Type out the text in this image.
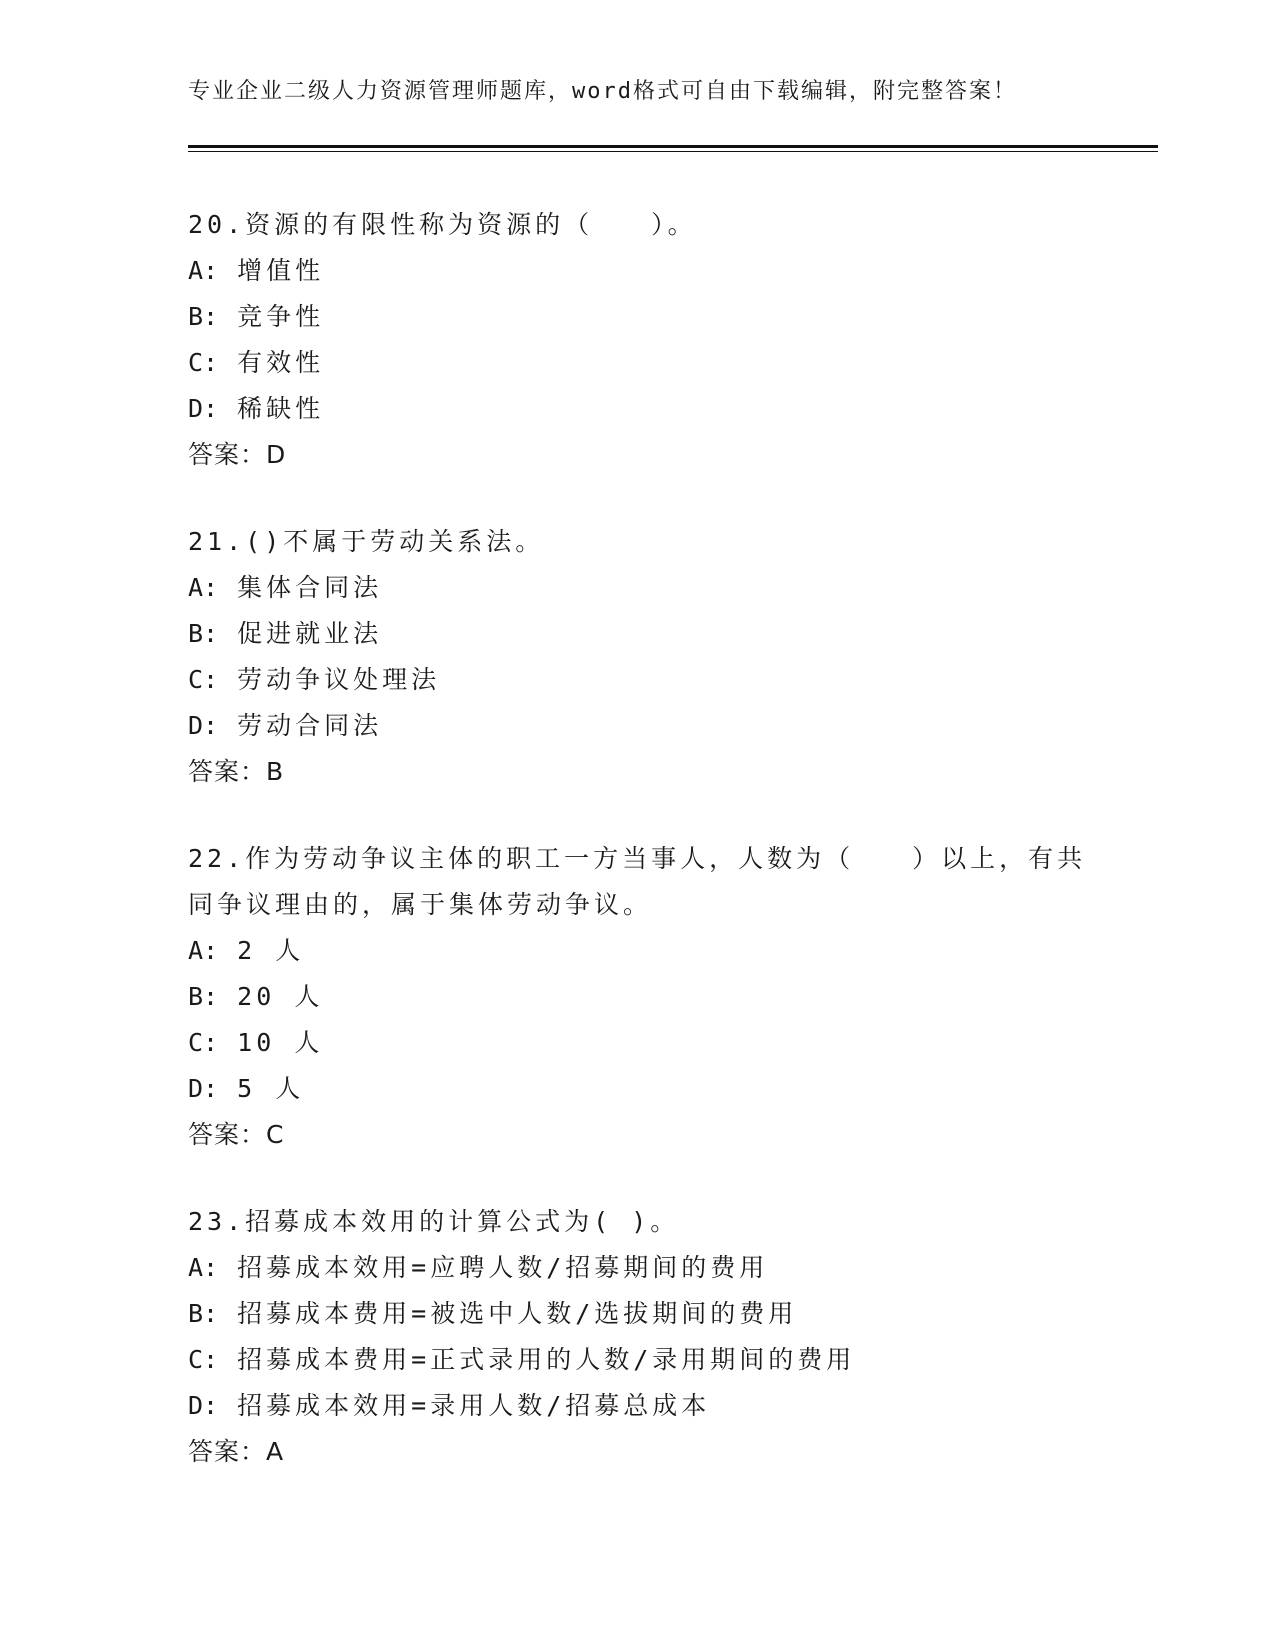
专业企业二级人力资源管理师题库，word格式可自由下载编辑，附完整答案！
20.资源的有限性称为资源的（　　）。
A: 增值性
B: 竞争性
C: 有效性
D: 稀缺性
答案：D
21.()不属于劳动关系法。
A: 集体合同法
B: 促进就业法
C: 劳动争议处理法
D: 劳动合同法
答案：B
22.作为劳动争议主体的职工一方当事人，人数为（　　）以上，有共
同争议理由的，属于集体劳动争议。
A: 2 人
B: 20 人
C: 10 人
D: 5 人
答案：C
23.招募成本效用的计算公式为( )。
A: 招募成本效用=应聘人数/招募期间的费用
B: 招募成本费用=被选中人数/选拔期间的费用
C: 招募成本费用=正式录用的人数/录用期间的费用
D: 招募成本效用=录用人数/招募总成本
答案：A
